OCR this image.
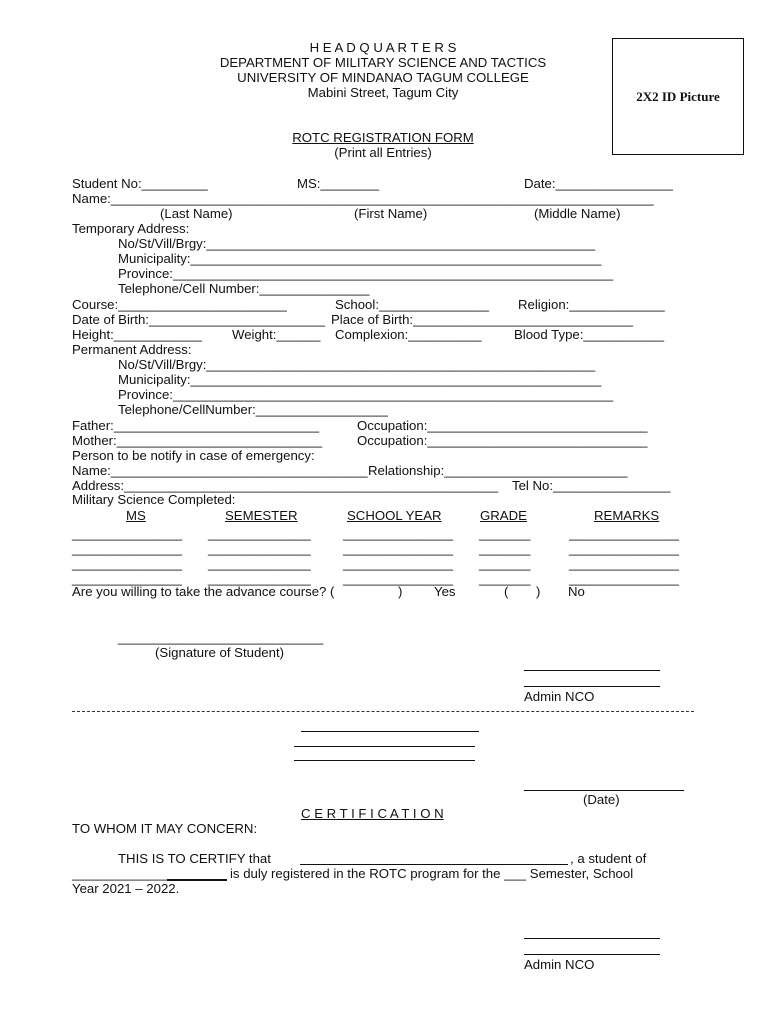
H E A D Q U A R T E R S
DEPARTMENT OF MILITARY SCIENCE AND TACTICS
UNIVERSITY OF MINDANAO TAGUM COLLEGE
Mabini Street, Tagum City	2X2 ID Picture
ROTC REGISTRATION FORM
(Print all Entries)
Student No:_________	MS:________	Date:________________
Name:__________________________________________________________________________
(Last Name)	(First Name)	(Middle Name)
Temporary Address:
No/St/Vill/Brgy:_____________________________________________________
Municipality:________________________________________________________
Province:____________________________________________________________
Telephone/Cell Number:_______________
Course:_______________________	School:_______________ Religion:_____________
Date of Birth:________________________ Place of Birth:______________________________
Height:____________ Weight:______ Complexion:__________ Blood Type:___________
Permanent Address:
No/St/Vill/Brgy:_____________________________________________________
Municipality:________________________________________________________
Province:____________________________________________________________
Telephone/CellNumber:__________________
Father:____________________________	Occupation:______________________________
Mother:____________________________	Occupation:______________________________
Person to be notify in case of emergency:
Name:___________________________________ Relationship:_________________________
Address:___________________________________________________ Tel No:________________
Military Science Completed:
MS	SEMESTER	SCHOOL YEAR	GRADE	REMARKS
_______________ ______________ _______________ _______	_______________
_______________ ______________ _______________ _______	_______________
_______________ ______________ _______________ _______	_______________
_______________ ______________ _______________ _______	_______________
Are you willing to take the advance course? (	) Yes	( ) No
____________________________
(Signature of Student)
Admin NCO
(Date)
C E R T I F I C A T I O N
TO WHOM IT MAY CONCERN:
THIS IS TO CERTIFY that	, a student of
_____________	is duly registered in the ROTC program for the ___ Semester, School
Year 2021 – 2022.
Admin NCO
